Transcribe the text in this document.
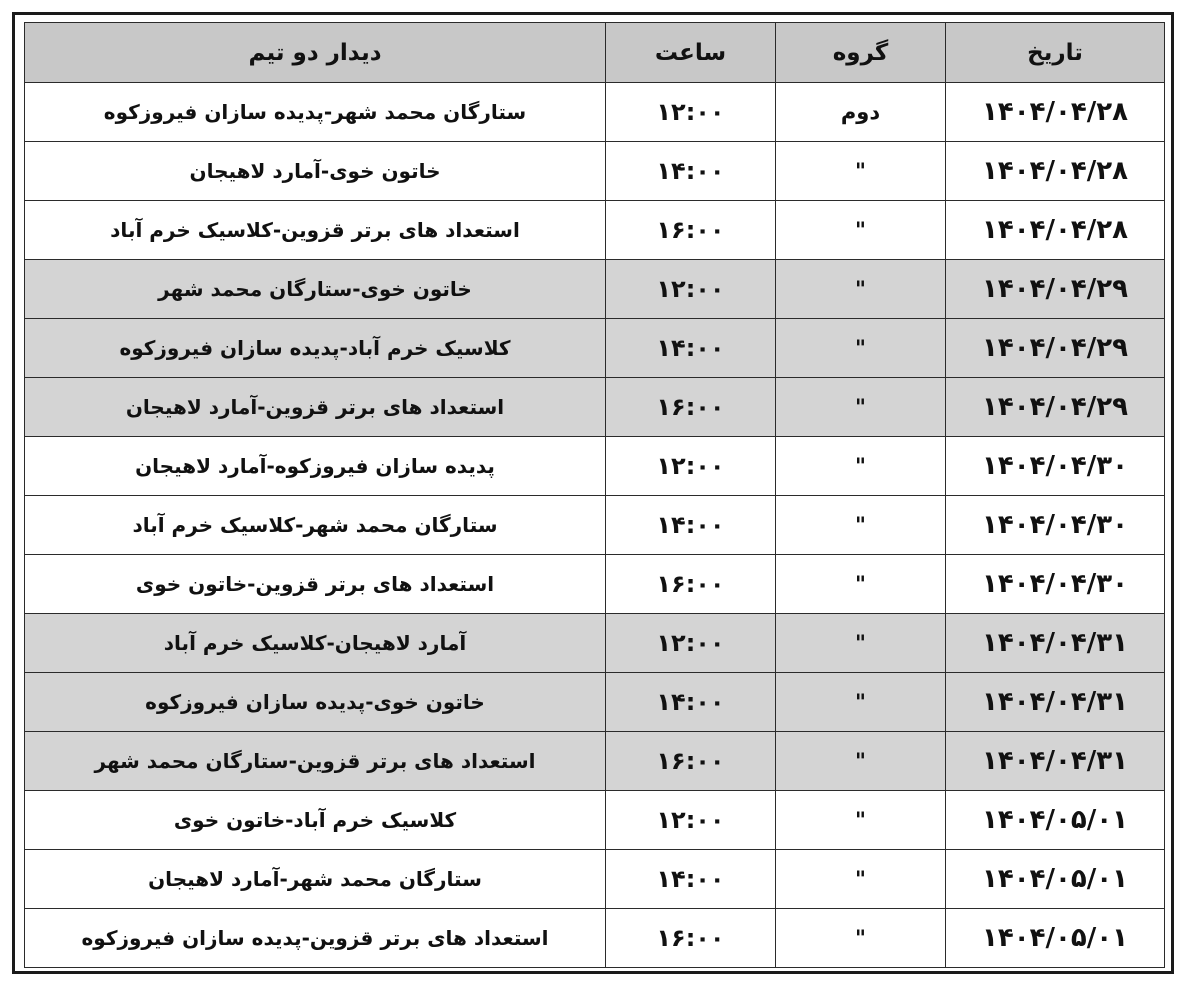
تاریخ	گروه	ساعت	دیدار دو تیم
۱۴۰۴/۰۴/۲۸	دوم	۱۲:۰۰	ستارگان محمد شهر-پدیده سازان فیروزکوه
۱۴۰۴/۰۴/۲۸	"	۱۴:۰۰	خاتون خوی-آمارد لاهیجان
۱۴۰۴/۰۴/۲۸	"	۱۶:۰۰	استعداد های برتر قزوین-کلاسیک خرم آباد
۱۴۰۴/۰۴/۲۹	"	۱۲:۰۰	خاتون خوی-ستارگان محمد شهر
۱۴۰۴/۰۴/۲۹	"	۱۴:۰۰	کلاسیک خرم آباد-پدیده سازان فیروزکوه
۱۴۰۴/۰۴/۲۹	"	۱۶:۰۰	استعداد های برتر قزوین-آمارد لاهیجان
۱۴۰۴/۰۴/۳۰	"	۱۲:۰۰	پدیده سازان فیروزکوه-آمارد لاهیجان
۱۴۰۴/۰۴/۳۰	"	۱۴:۰۰	ستارگان محمد شهر-کلاسیک خرم آباد
۱۴۰۴/۰۴/۳۰	"	۱۶:۰۰	استعداد های برتر قزوین-خاتون خوی
۱۴۰۴/۰۴/۳۱	"	۱۲:۰۰	آمارد لاهیجان-کلاسیک خرم آباد
۱۴۰۴/۰۴/۳۱	"	۱۴:۰۰	خاتون خوی-پدیده سازان فیروزکوه
۱۴۰۴/۰۴/۳۱	"	۱۶:۰۰	استعداد های برتر قزوین-ستارگان محمد شهر
۱۴۰۴/۰۵/۰۱	"	۱۲:۰۰	کلاسیک خرم آباد-خاتون خوی
۱۴۰۴/۰۵/۰۱	"	۱۴:۰۰	ستارگان محمد شهر-آمارد لاهیجان
۱۴۰۴/۰۵/۰۱	"	۱۶:۰۰	استعداد های برتر قزوین-پدیده سازان فیروزکوه
